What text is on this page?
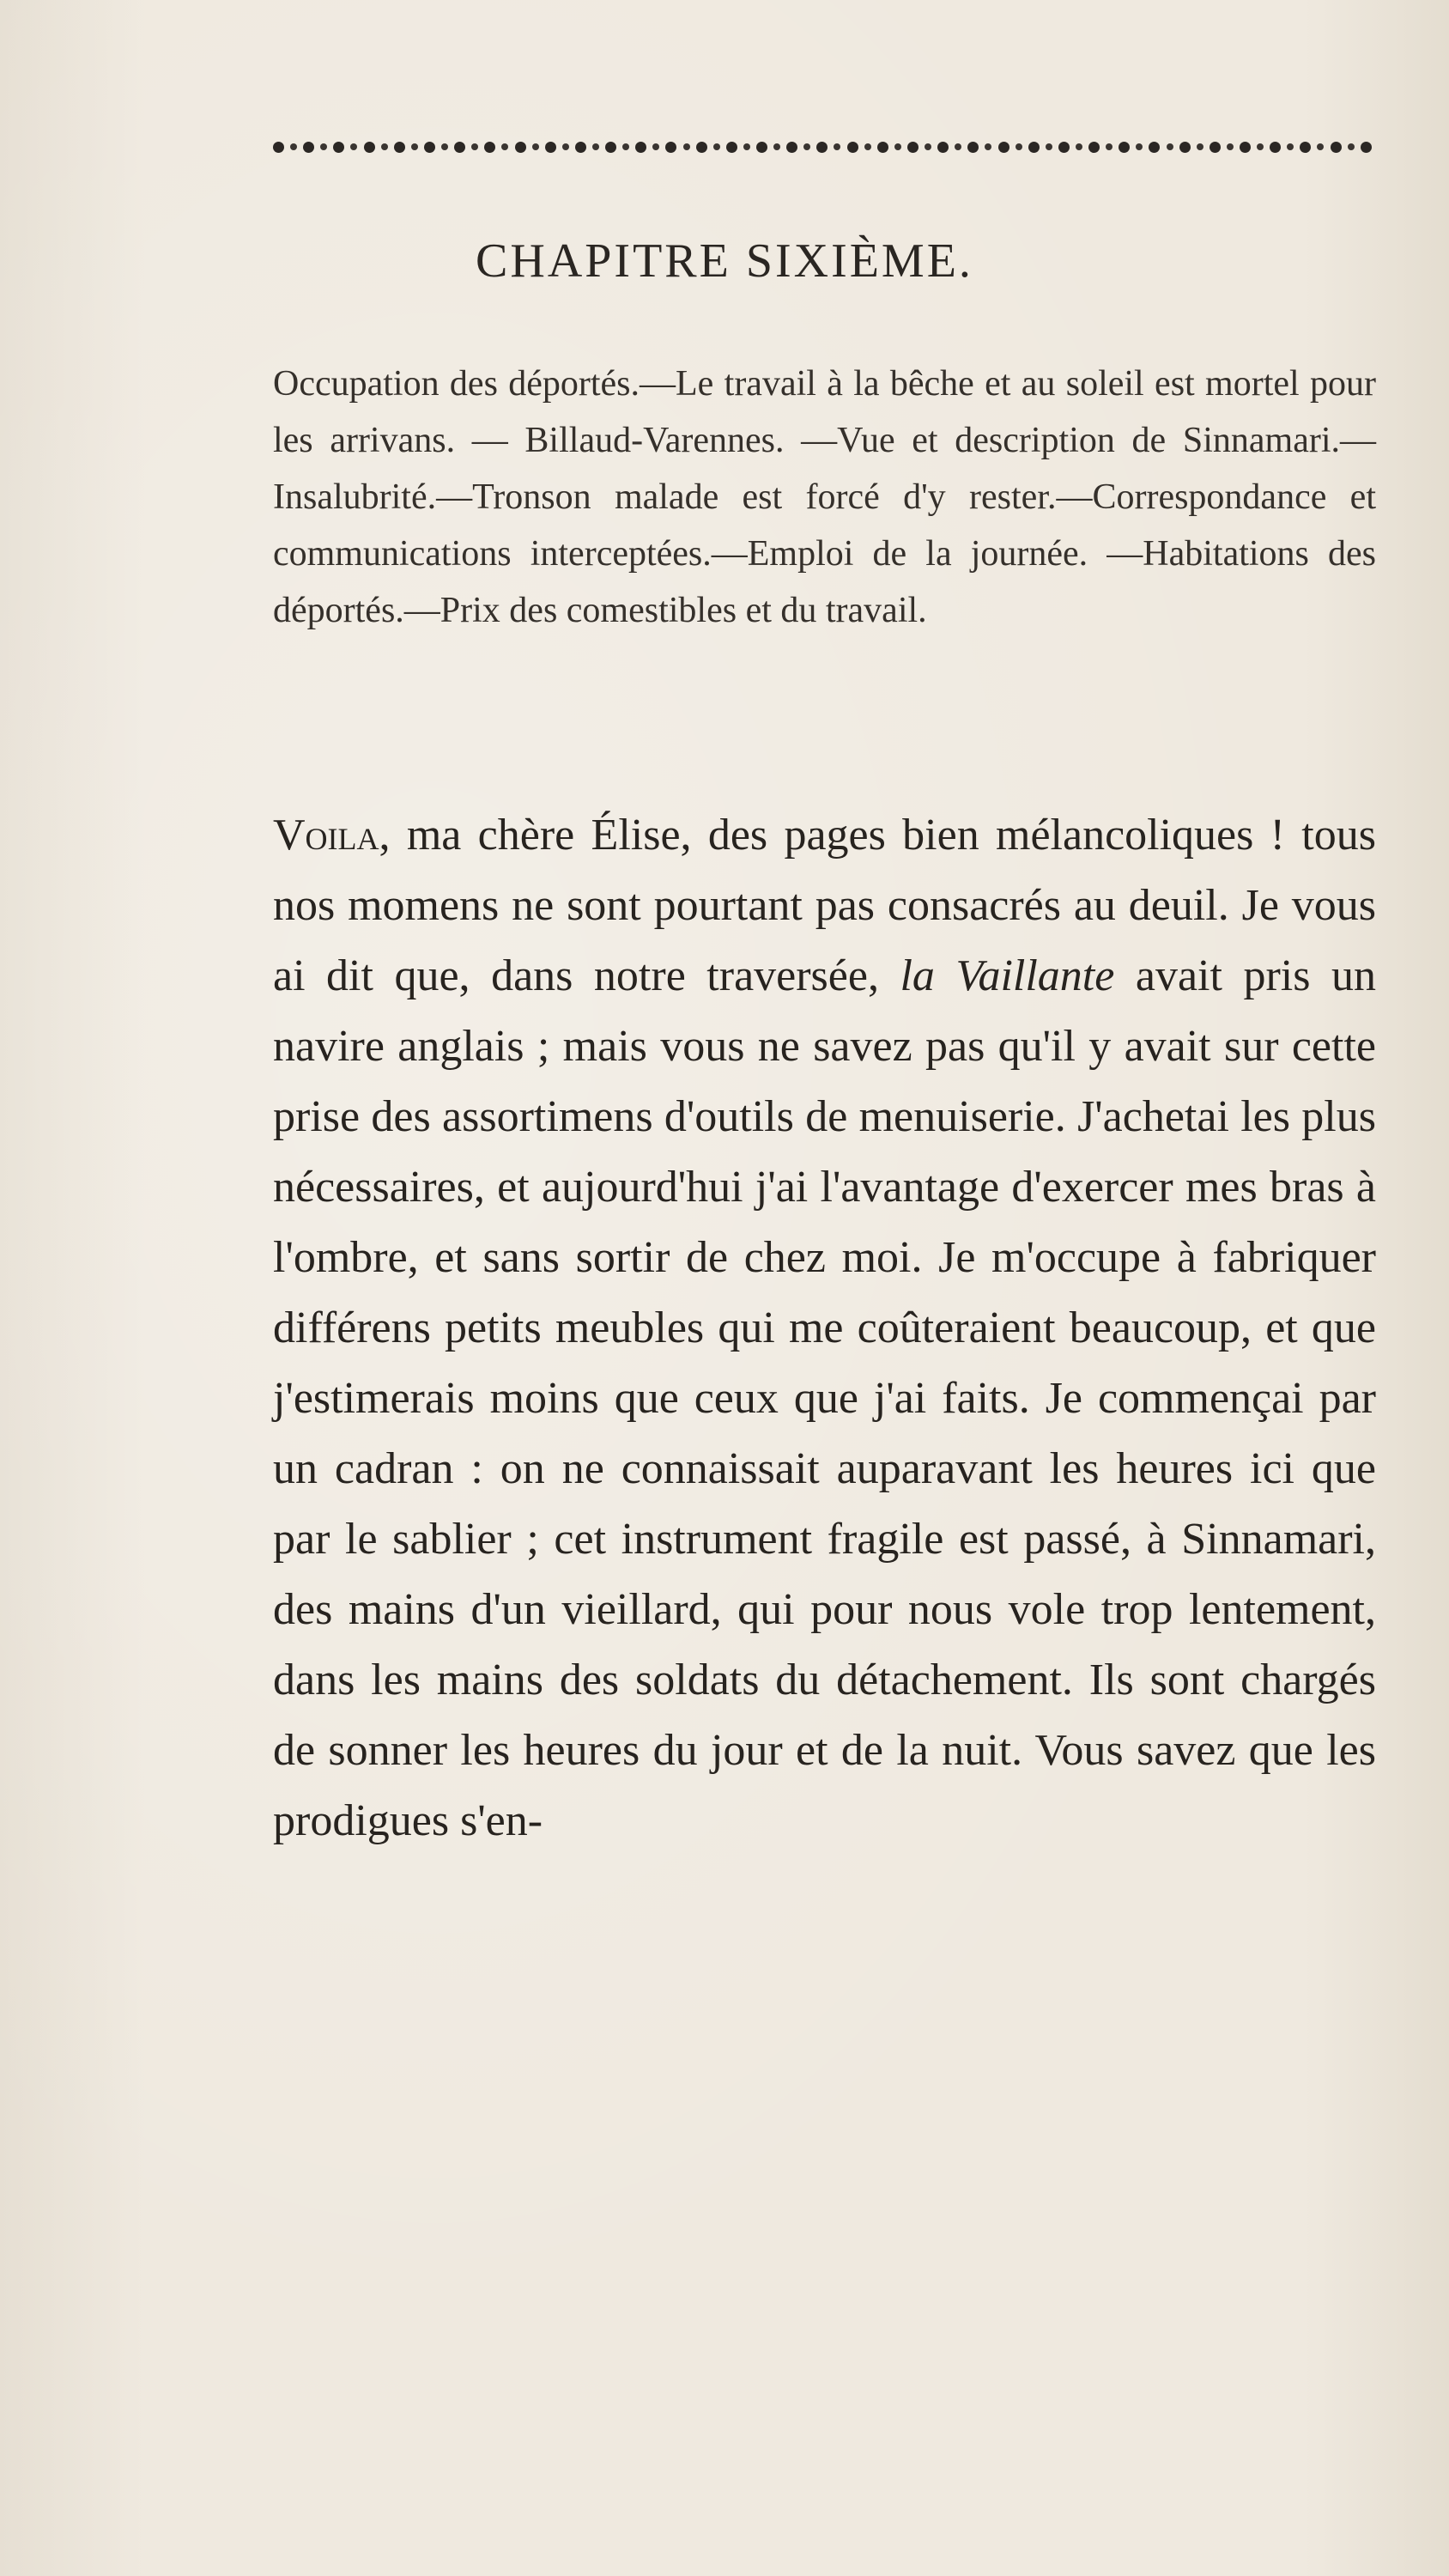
CHAPITRE SIXIÈME.

Occupation des déportés.—Le travail à la bêche et au soleil est mortel pour les arrivans. — Billaud-Varennes. —Vue et description de Sinnamari.—Insalubrité.—Tronson malade est forcé d'y rester.—Correspondance et communications interceptées.—Emploi de la journée. —Habitations des déportés.—Prix des comestibles et du travail.

Voila, ma chère Élise, des pages bien mélancoliques ! tous nos momens ne sont pourtant pas consacrés au deuil. Je vous ai dit que, dans notre traversée, la Vaillante avait pris un navire anglais ; mais vous ne savez pas qu'il y avait sur cette prise des assortimens d'outils de menuiserie. J'achetai les plus nécessaires, et aujourd'hui j'ai l'avantage d'exercer mes bras à l'ombre, et sans sortir de chez moi. Je m'occupe à fabriquer différens petits meubles qui me coûteraient beaucoup, et que j'estimerais moins que ceux que j'ai faits. Je commençai par un cadran : on ne connaissait auparavant les heures ici que par le sablier ; cet instrument fragile est passé, à Sinnamari, des mains d'un vieillard, qui pour nous vole trop lentement, dans les mains des soldats du détachement. Ils sont chargés de sonner les heures du jour et de la nuit. Vous savez que les prodigues s'en-
